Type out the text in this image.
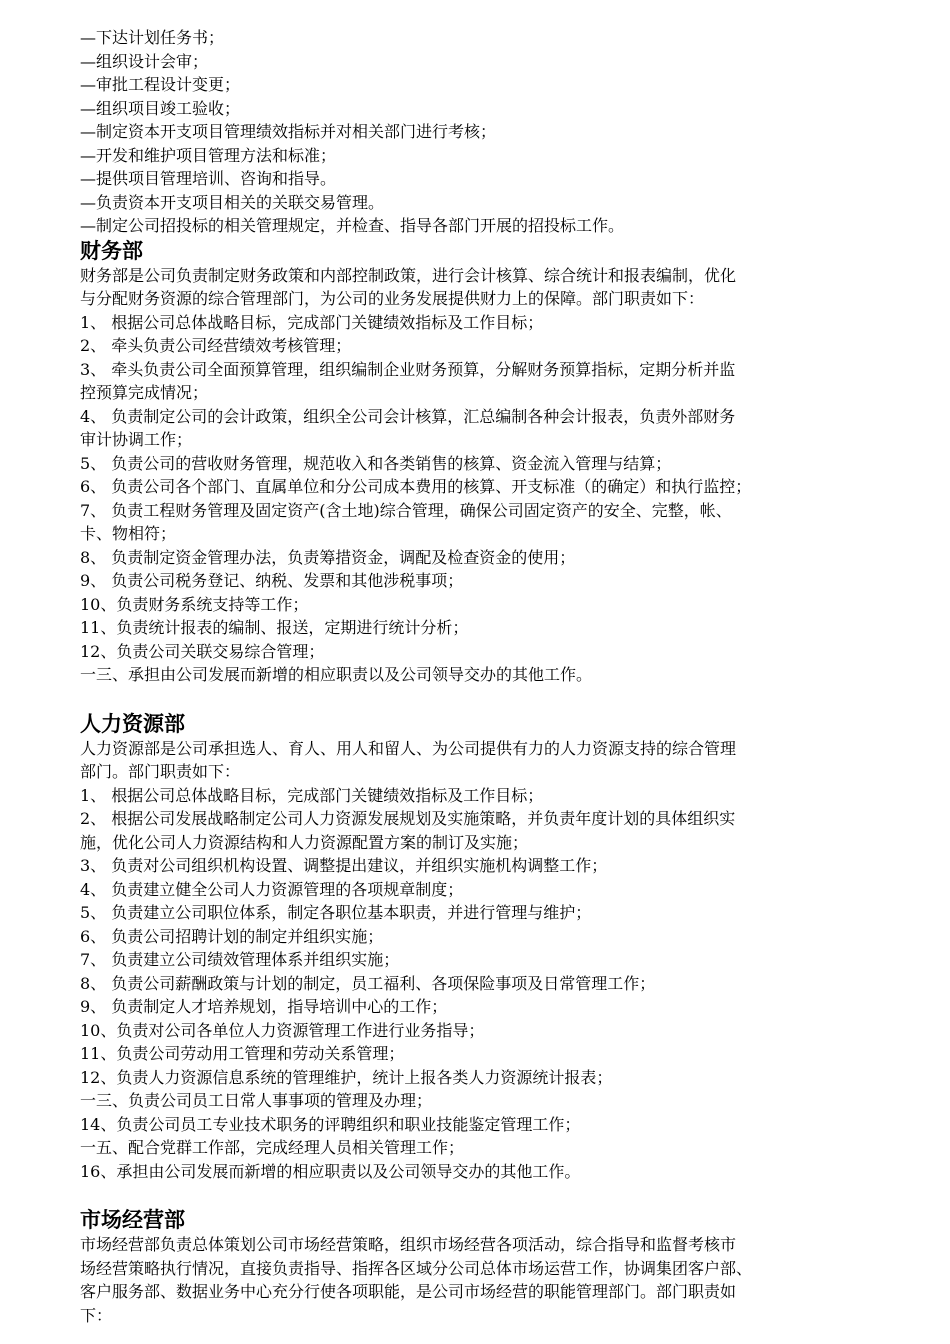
—下达计划任务书；
—组织设计会审；
—审批工程设计变更；
—组织项目竣工验收；
—制定资本开支项目管理绩效指标并对相关部门进行考核；
—开发和维护项目管理方法和标准；
—提供项目管理培训、咨询和指导。
—负责资本开支项目相关的关联交易管理。
—制定公司招投标的相关管理规定，并检查、指导各部门开展的招投标工作。
财务部
财务部是公司负责制定财务政策和内部控制政策，进行会计核算、综合统计和报表编制，优化
与分配财务资源的综合管理部门，为公司的业务发展提供财力上的保障。部门职责如下：
1、 根据公司总体战略目标，完成部门关键绩效指标及工作目标；
2、 牵头负责公司经营绩效考核管理；
3、 牵头负责公司全面预算管理，组织编制企业财务预算，分解财务预算指标，定期分析并监
控预算完成情况；
4、 负责制定公司的会计政策，组织全公司会计核算，汇总编制各种会计报表，负责外部财务
审计协调工作；
5、 负责公司的营收财务管理，规范收入和各类销售的核算、资金流入管理与结算；
6、 负责公司各个部门、直属单位和分公司成本费用的核算、开支标准（的确定）和执行监控；
7、 负责工程财务管理及固定资产(含土地)综合管理，确保公司固定资产的安全、完整，帐、
卡、物相符；
8、 负责制定资金管理办法，负责筹措资金，调配及检查资金的使用；
9、 负责公司税务登记、纳税、发票和其他涉税事项；
10、负责财务系统支持等工作；
11、负责统计报表的编制、报送，定期进行统计分析；
12、负责公司关联交易综合管理；
一三、承担由公司发展而新增的相应职责以及公司领导交办的其他工作。
人力资源部
人力资源部是公司承担选人、育人、用人和留人、为公司提供有力的人力资源支持的综合管理
部门。部门职责如下：
1、 根据公司总体战略目标，完成部门关键绩效指标及工作目标；
2、 根据公司发展战略制定公司人力资源发展规划及实施策略，并负责年度计划的具体组织实
施，优化公司人力资源结构和人力资源配置方案的制订及实施；
3、 负责对公司组织机构设置、调整提出建议，并组织实施机构调整工作；
4、 负责建立健全公司人力资源管理的各项规章制度；
5、 负责建立公司职位体系，制定各职位基本职责，并进行管理与维护；
6、 负责公司招聘计划的制定并组织实施；
7、 负责建立公司绩效管理体系并组织实施；
8、 负责公司薪酬政策与计划的制定，员工福利、各项保险事项及日常管理工作；
9、 负责制定人才培养规划，指导培训中心的工作；
10、负责对公司各单位人力资源管理工作进行业务指导；
11、负责公司劳动用工管理和劳动关系管理；
12、负责人力资源信息系统的管理维护，统计上报各类人力资源统计报表；
一三、负责公司员工日常人事事项的管理及办理；
14、负责公司员工专业技术职务的评聘组织和职业技能鉴定管理工作；
一五、配合党群工作部，完成经理人员相关管理工作；
16、承担由公司发展而新增的相应职责以及公司领导交办的其他工作。
市场经营部
市场经营部负责总体策划公司市场经营策略，组织市场经营各项活动，综合指导和监督考核市
场经营策略执行情况，直接负责指导、指挥各区域分公司总体市场运营工作，协调集团客户部、
客户服务部、数据业务中心充分行使各项职能，是公司市场经营的职能管理部门。部门职责如
下：
